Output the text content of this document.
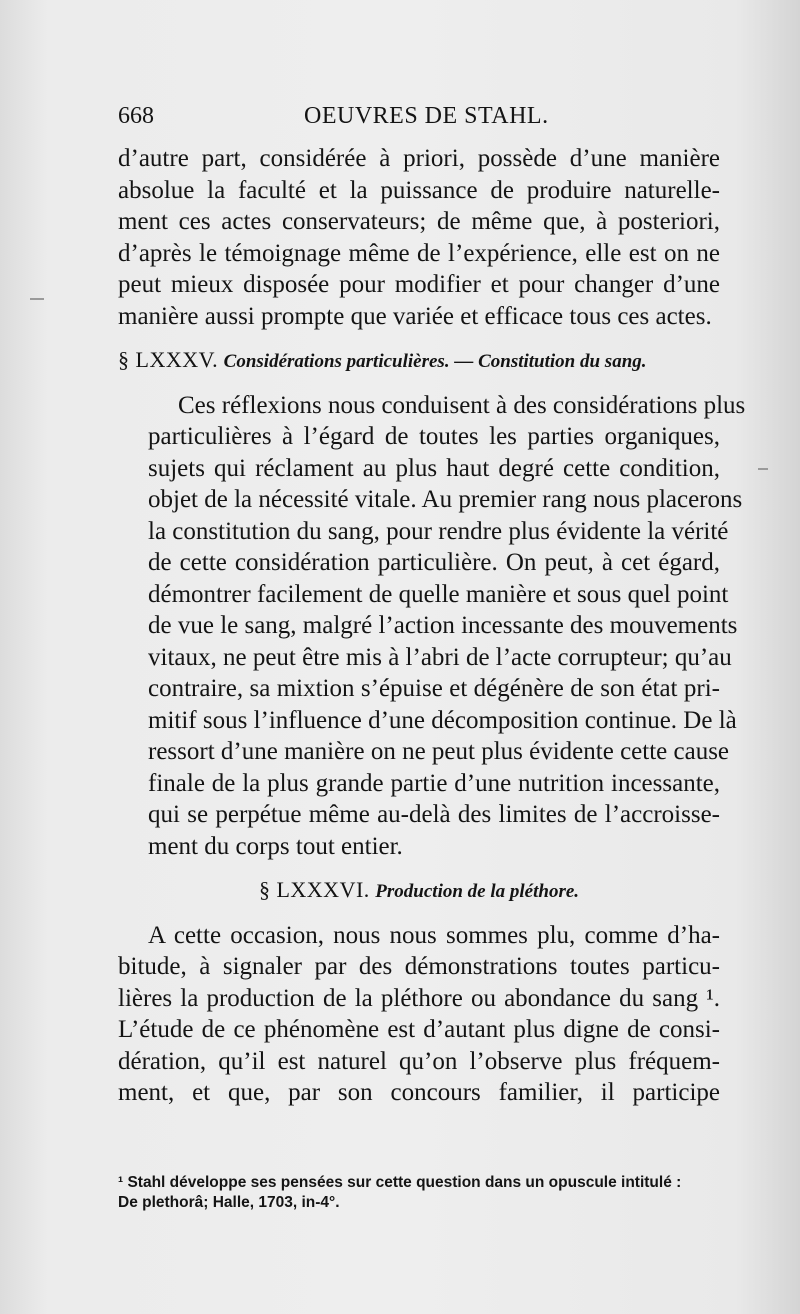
668	OEUVRES DE STAHL.

d’autre part, considérée à priori, possède d’une manière
absolue la faculté et la puissance de produire naturelle-
ment ces actes conservateurs; de même que, à posteriori,
d’après le témoignage même de l’expérience, elle est on ne
peut mieux disposée pour modifier et pour changer d’une
manière aussi prompte que variée et efficace tous ces actes.

§ LXXXV. Considérations particulières. — Constitution du sang.

Ces réflexions nous conduisent à des considérations plus
particulières à l’égard de toutes les parties organiques,
sujets qui réclament au plus haut degré cette condition,
objet de la nécessité vitale. Au premier rang nous placerons
la constitution du sang, pour rendre plus évidente la vérité
de cette considération particulière. On peut, à cet égard,
démontrer facilement de quelle manière et sous quel point
de vue le sang, malgré l’action incessante des mouvements
vitaux, ne peut être mis à l’abri de l’acte corrupteur; qu’au
contraire, sa mixtion s’épuise et dégénère de son état pri-
mitif sous l’influence d’une décomposition continue. De là
ressort d’une manière on ne peut plus évidente cette cause
finale de la plus grande partie d’une nutrition incessante,
qui se perpétue même au-delà des limites de l’accroisse-
ment du corps tout entier.

§ LXXXVI. Production de la pléthore.

A cette occasion, nous nous sommes plu, comme d’ha-
bitude, à signaler par des démonstrations toutes particu-
lières la production de la pléthore ou abondance du sang ¹.
L’étude de ce phénomène est d’autant plus digne de consi-
dération, qu’il est naturel qu’on l’observe plus fréquem-
ment, et que, par son concours familier, il participe

¹ Stahl développe ses pensées sur cette question dans un opuscule intitulé :
De plethorâ; Halle, 1703, in-4°.
